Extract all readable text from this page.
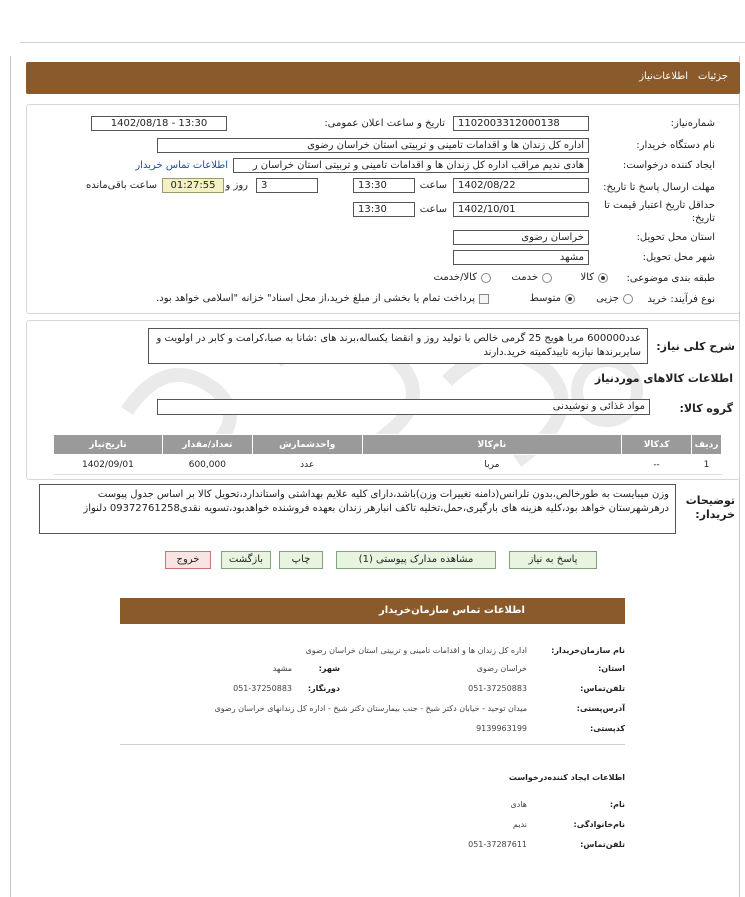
جزئیات
اطلاعات‌نیاز
شماره‌نیاز:
1102003312000138
تاریخ و ساعت اعلان عمومی:
1402/08/18 - 13:30
نام دستگاه‌ خریدار:
اداره کل زندان ها و اقدامات تامینی و تربیتی استان خراسان رضوی
ایجاد کننده درخواست:
هادی ندیم مراقب اداره کل زندان ها و اقدامات تامینی و تربیتی استان خراسان ر
اطلاعات تماس خریدار
مهلت ارسال پاسخ تا تاریخ:
1402/08/22
ساعت
13:30
3
روز و
01:27:55
ساعت باقی‌مانده
حداقل تاریخ اعتبار قیمت تا تاریخ:
1402/10/01
ساعت
13:30
استان محل تحویل:
خراسان رضوی
شهر محل تحویل:
مشهد
طبقه بندی موضوعی:
کالا
خدمت
کالا/خدمت
نوع فرآیند: خرید
جزیی
متوسط
پرداخت تمام یا بخشی از مبلغ خرید،از محل اسناد" خزانه "اسلامی خواهد بود.
شرح کلی نیاز:
عدد600000 مربا هویج 25 گرمی خالص با تولید روز و انقضا یکساله،برند های :شانا به صبا،کرامت و کابر در اولویت و سایربرندها نیازبه تاییدکمیته خرید.دارند
اطلاعات کالاهای مورد‌نیاز
گروه کالا:
مواد غذائی و نوشیدنی
ردیف	کدکالا	نام‌کالا	واحدشمارش	تعداد‌/مقدار	تاریخ‌نیاز
1	--	مربا	عدد	600,000	1402/09/01
توضیحات خریدار:
وزن میبایست به طورخالص،بدون تلرانس(دامنه تغییرات وزن)باشد،دارای کلیه علایم بهداشتی واستاندارد،تحویل کالا بر اساس جدول پیوست درهرشهرستان خواهد بود،کلیه هزینه های بارگیری،حمل،تخلیه تاکف انبارهر زندان بعهده فروشنده خواهدبود،تسویه نقدی09372761258 دلنواز
پاسخ به نیاز
مشاهده مدارک پیوستی (1)
چاپ
بازگشت
خروج
اطلاعات تماس سازمان‌خریدار
نام سازمان‌خریدار:
اداره کل زندان ها و اقدامات تامینی و تربیتی استان خراسان رضوی
استان:
خراسان رضوی
شهر:
مشهد
تلفن‌تماس:
051-37250883
دورنگار:
051-37250883
آدرس‌پستی:
میدان توحید - خیابان دکتر شیخ - جنب بیمارستان دکتر شیخ - اداره کل زندانهای خراسان رضوی
کدپستی:
9139963199
اطلاعات ایجاد کننده‌درخواست
نام:
هادی
نام‌خانوادگی:
ندیم
تلفن‌تماس:
051-37287611
